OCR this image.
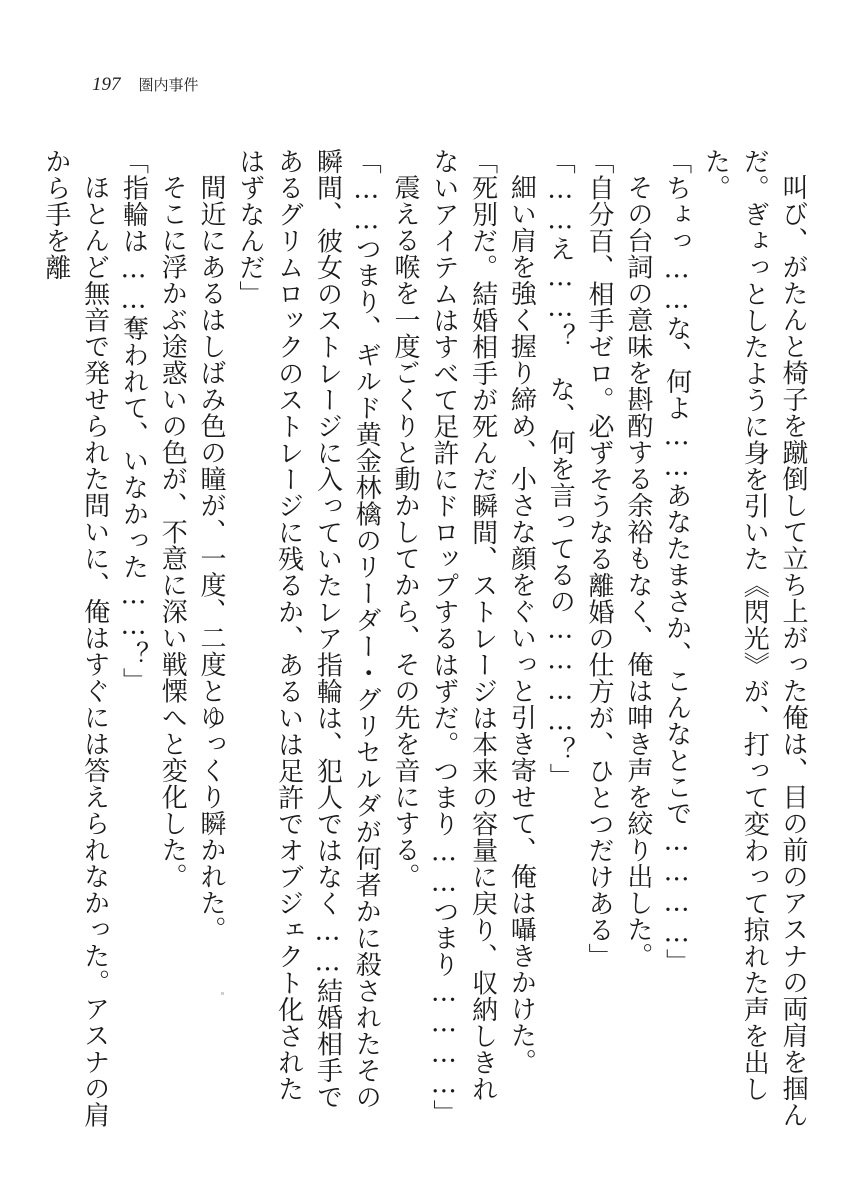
197 圏内事件

叫び、がたんと椅子を蹴倒して立ち上がった俺は、目の前のアスナの両肩を掴んだ。ぎょっとしたように身を引いた《閃光》が、打って変わって掠れた声を出した。

「ちょっ……な、何よ……あなたまさか、こんなとこで…………」

その台詞の意味を斟酌する余裕もなく、俺は呻き声を絞り出した。

「自分百、相手ゼロ。必ずそうなる離婚の仕方が、ひとつだけある」

「……え……？　な、何を言ってるの…………？」

細い肩を強く握り締め、小さな顔をぐいっと引き寄せて、俺は囁きかけた。

「死別だ。結婚相手が死んだ瞬間、ストレージは本来の容量に戻り、収納しきれないアイテムはすべて足許にドロップするはずだ。つまり……つまり…………」

震える喉を一度ごくりと動かしてから、その先を音にする。

「……つまり、ギルド黄金林檎のリーダー・グリセルダが何者かに殺されたその瞬間、彼女のストレージに入っていたレア指輪は、犯人ではなく……結婚相手であるグリムロックのストレージに残るか、あるいは足許でオブジェクト化されたはずなんだ」

間近にあるはしばみ色の瞳が、一度、二度とゆっくり瞬かれた。

そこに浮かぶ途惑いの色が、不意に深い戦慄へと変化した。

「指輪は……奪われて、いなかった……？」

ほとんど無音で発せられた問いに、俺はすぐには答えられなかった。アスナの肩から手を離
